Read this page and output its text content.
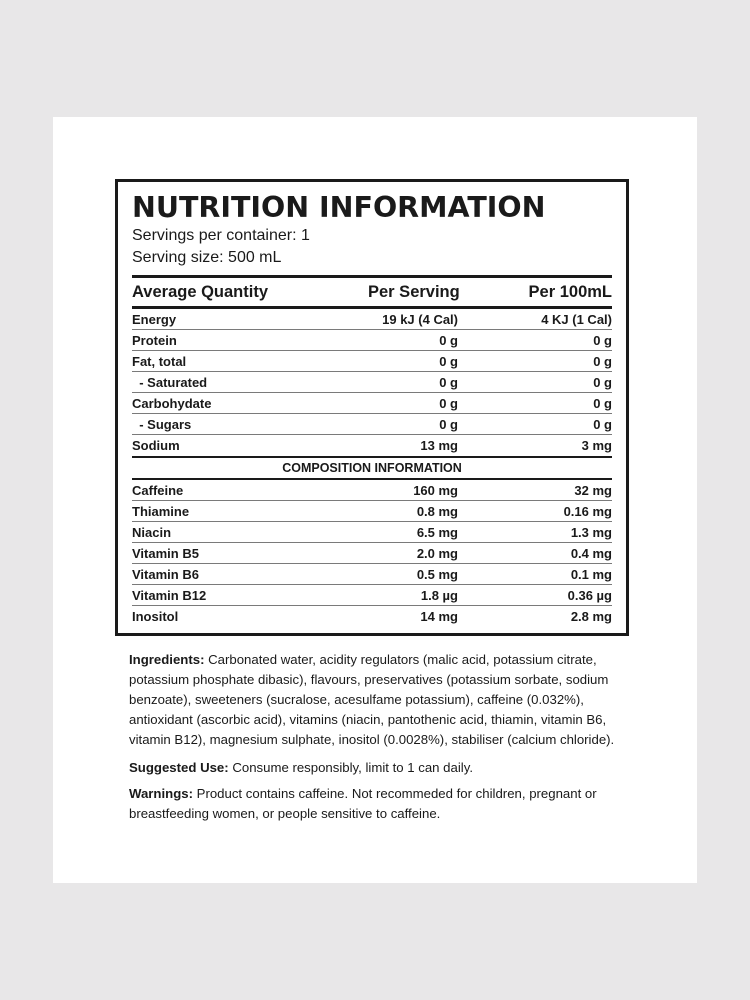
NUTRITION INFORMATION
Servings per container: 1
Serving size: 500 mL
Average Quantity	Per Serving	Per 100mL
Energy	19 kJ (4 Cal)	4 KJ (1 Cal)
Protein	0 g	0 g
Fat, total	0 g	0 g
- Saturated	0 g	0 g
Carbohydate	0 g	0 g
- Sugars	0 g	0 g
Sodium	13 mg	3 mg
COMPOSITION INFORMATION
Caffeine	160 mg	32 mg
Thiamine	0.8 mg	0.16 mg
Niacin	6.5 mg	1.3 mg
Vitamin B5	2.0 mg	0.4 mg
Vitamin B6	0.5 mg	0.1 mg
Vitamin B12	1.8 µg	0.36 µg
Inositol	14 mg	2.8 mg
Ingredients: Carbonated water, acidity regulators (malic acid, potassium citrate, potassium phosphate dibasic), flavours, preservatives (potassium sorbate, sodium benzoate), sweeteners (sucralose, acesulfame potassium), caffeine (0.032%), antioxidant (ascorbic acid), vitamins (niacin, pantothenic acid, thiamin, vitamin B6, vitamin B12), magnesium sulphate, inositol (0.0028%), stabiliser (calcium chloride).
Suggested Use: Consume responsibly, limit to 1 can daily.
Warnings: Product contains caffeine. Not recommeded for children, pregnant or breastfeeding women, or people sensitive to caffeine.
